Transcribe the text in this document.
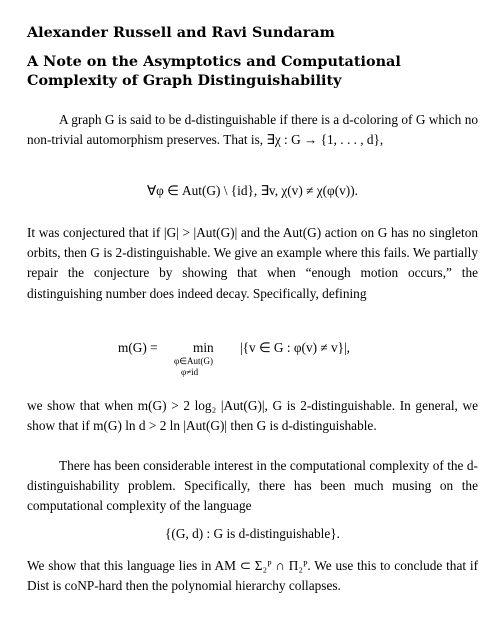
Alexander Russell and Ravi Sundaram
A Note on the Asymptotics and Computational Complexity of Graph Distinguishability

A graph G is said to be d-distinguishable if there is a d-coloring of G which no non-trivial automorphism preserves. That is, ∃χ : G → {1, . . . , d},

∀φ ∈ Aut(G) \ {id}, ∃v, χ(v) ≠ χ(φ(v)).

It was conjectured that if |G| > |Aut(G)| and the Aut(G) action on G has no singleton orbits, then G is 2-distinguishable. We give an example where this fails. We partially repair the conjecture by showing that when “enough motion occurs,” the distinguishing number does indeed decay. Specifically, defining

m(G) =	min
φ∈Aut(G)
φ≠id
|{v ∈ G : φ(v) ≠ v}|,

we show that when m(G) > 2 log₂ |Aut(G)|, G is 2-distinguishable. In general, we show that if m(G) ln d > 2 ln |Aut(G)| then G is d-distinguishable.

There has been considerable interest in the computational complexity of the d-distinguishability problem. Specifically, there has been much musing on the computational complexity of the language

{(G, d) : G is d-distinguishable}.

We show that this language lies in AM ⊂ Σ₂ᴾ ∩ Π₂ᴾ. We use this to conclude that if Dist is coNP-hard then the polynomial hierarchy collapses.
